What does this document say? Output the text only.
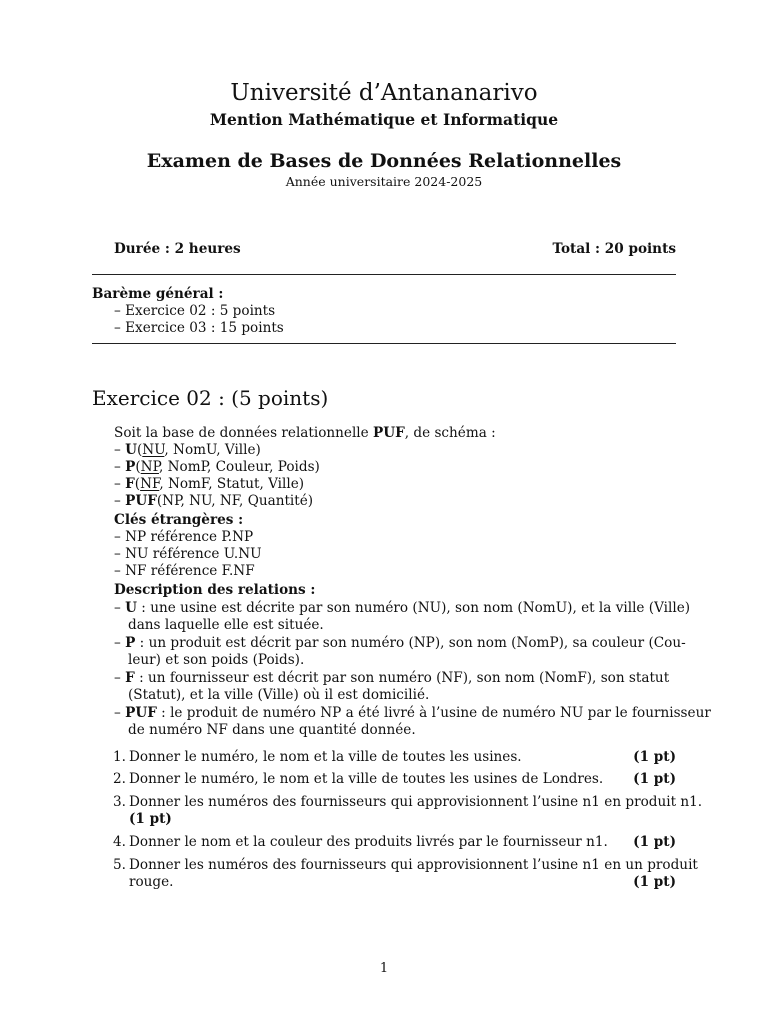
Université d’Antananarivo
Mention Mathématique et Informatique
Examen de Bases de Données Relationnelles
Année universitaire 2024-2025
Durée : 2 heures	Total : 20 points
Barème général :
– Exercice 02 : 5 points
– Exercice 03 : 15 points
Exercice 02 : (5 points)
Soit la base de données relationnelle PUF, de schéma :
– U(NU, NomU, Ville)
– P(NP, NomP, Couleur, Poids)
– F(NF, NomF, Statut, Ville)
– PUF(NP, NU, NF, Quantité)
Clés étrangères :
– NP référence P.NP
– NU référence U.NU
– NF référence F.NF
Description des relations :
– U : une usine est décrite par son numéro (NU), son nom (NomU), et la ville (Ville)
dans laquelle elle est située.
– P : un produit est décrit par son numéro (NP), son nom (NomP), sa couleur (Cou-
leur) et son poids (Poids).
– F : un fournisseur est décrit par son numéro (NF), son nom (NomF), son statut
(Statut), et la ville (Ville) où il est domicilié.
– PUF : le produit de numéro NP a été livré à l’usine de numéro NU par le fournisseur
de numéro NF dans une quantité donnée.
1. Donner le numéro, le nom et la ville de toutes les usines.	(1 pt)
2. Donner le numéro, le nom et la ville de toutes les usines de Londres.	(1 pt)
3. Donner les numéros des fournisseurs qui approvisionnent l’usine n1 en produit n1.
(1 pt)
4. Donner le nom et la couleur des produits livrés par le fournisseur n1.	(1 pt)
5. Donner les numéros des fournisseurs qui approvisionnent l’usine n1 en un produit
rouge.	(1 pt)
1
